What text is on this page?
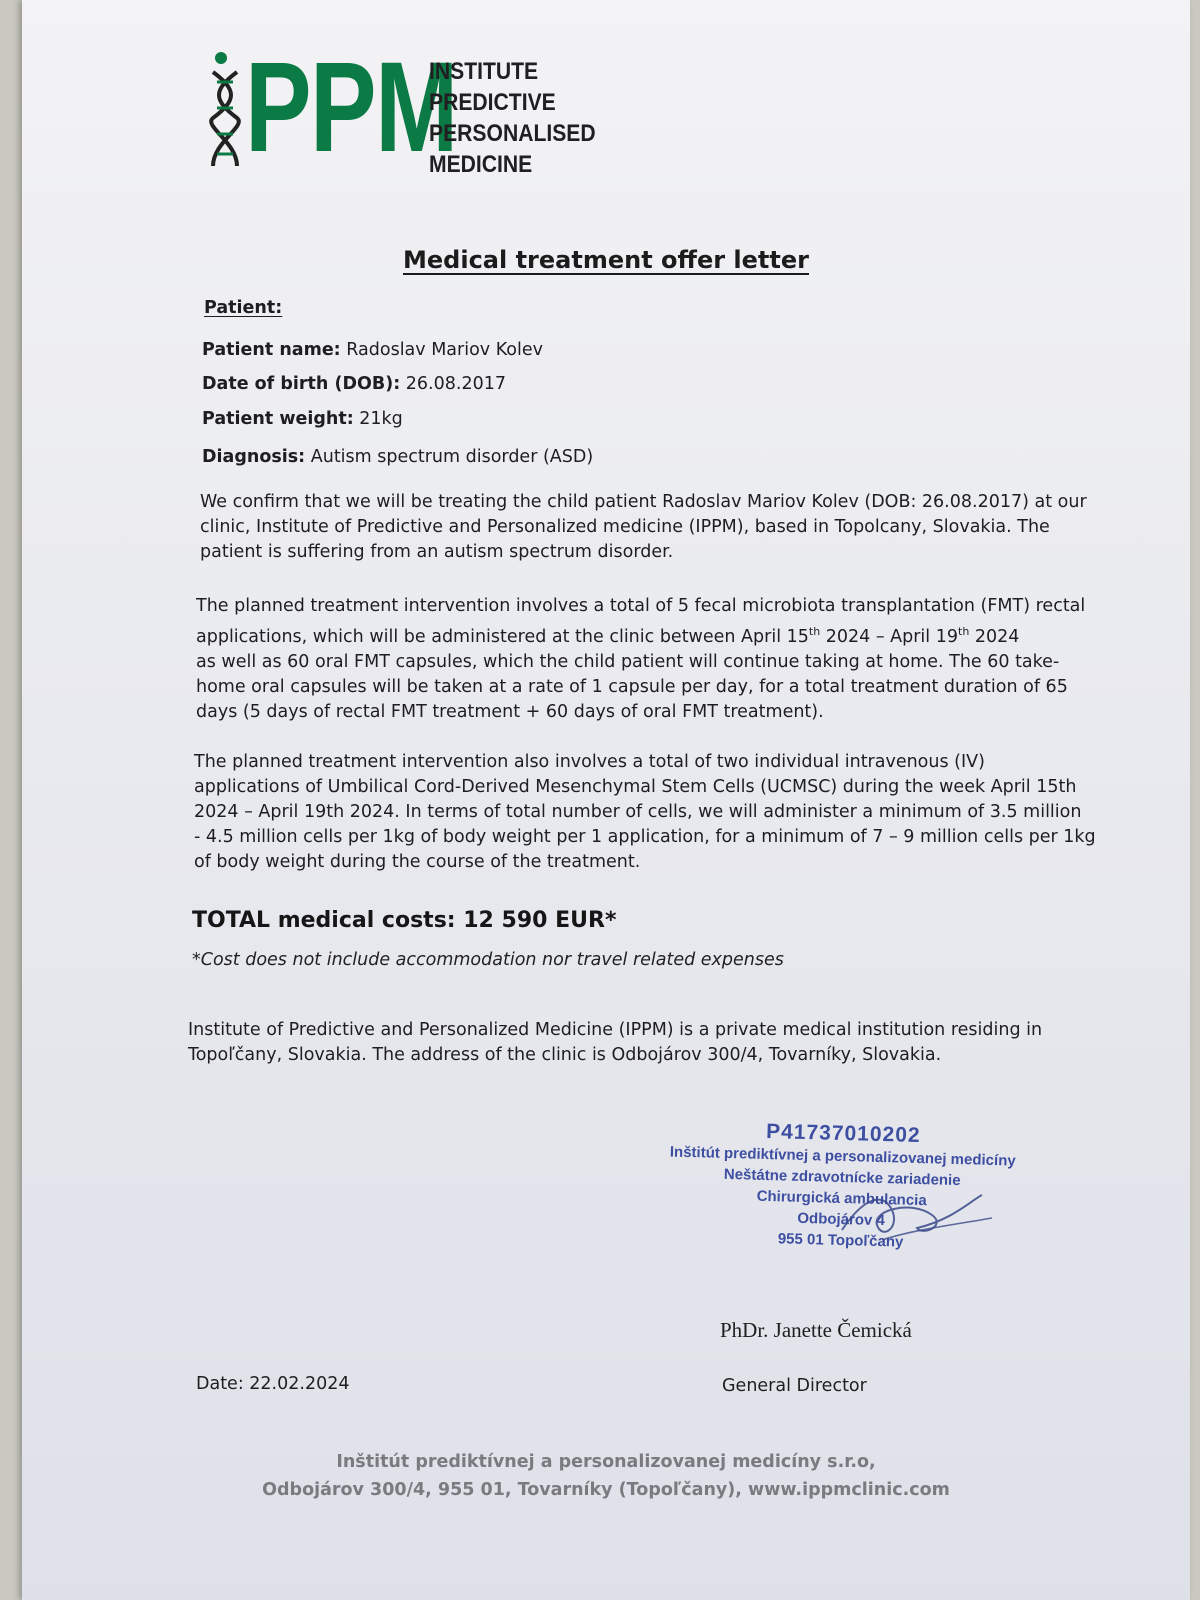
PPM
INSTITUTE
PREDICTIVE
PERSONALISED
MEDICINE
Medical treatment offer letter
Patient:
Patient name: Radoslav Mariov Kolev
Date of birth (DOB): 26.08.2017
Patient weight: 21kg
Diagnosis: Autism spectrum disorder (ASD)
We confirm that we will be treating the child patient Radoslav Mariov Kolev (DOB: 26.08.2017) at our
clinic, Institute of Predictive and Personalized medicine (IPPM), based in Topolcany, Slovakia. The
patient is suffering from an autism spectrum disorder.
The planned treatment intervention involves a total of 5 fecal microbiota transplantation (FMT) rectal
applications, which will be administered at the clinic between April 15th 2024 – April 19th 2024
as well as 60 oral FMT capsules, which the child patient will continue taking at home. The 60 take-
home oral capsules will be taken at a rate of 1 capsule per day, for a total treatment duration of 65
days (5 days of rectal FMT treatment + 60 days of oral FMT treatment).
The planned treatment intervention also involves a total of two individual intravenous (IV)
applications of Umbilical Cord-Derived Mesenchymal Stem Cells (UCMSC) during the week April 15th
2024 – April 19th 2024. In terms of total number of cells, we will administer a minimum of 3.5 million
- 4.5 million cells per 1kg of body weight per 1 application, for a minimum of 7 – 9 million cells per 1kg
of body weight during the course of the treatment.
TOTAL medical costs: 12 590 EUR*
*Cost does not include accommodation nor travel related expenses
Institute of Predictive and Personalized Medicine (IPPM) is a private medical institution residing in
Topoľčany, Slovakia. The address of the clinic is Odbojárov 300/4, Tovarníky, Slovakia.
P41737010202
Inštitút prediktívnej a personalizovanej medicíny
Neštátne zdravotnícke zariadenie
Chirurgická ambulancia
Odbojárov 4
955 01 Topoľčany
PhDr. Janette Čemická
General Director
Date: 22.02.2024
Inštitút prediktívnej a personalizovanej medicíny s.r.o,
Odbojárov 300/4, 955 01, Tovarníky (Topoľčany), www.ippmclinic.com
